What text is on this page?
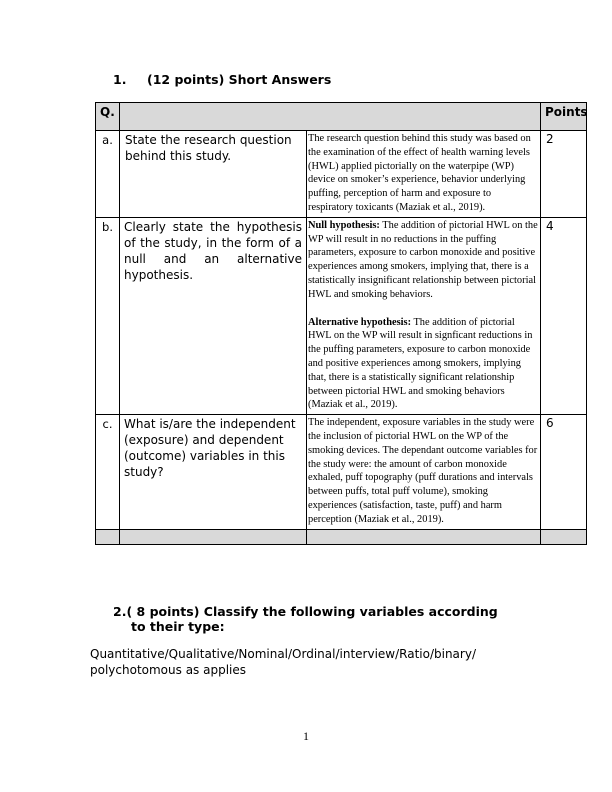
1. (12 points) Short Answers
Q.			Points
a.	State the research question behind this study.	The research question behind this study was based on the examination of the effect of health warning levels (HWL) applied pictorially on the waterpipe (WP) device on smoker’s experience, behavior underlying puffing, perception of harm and exposure to respiratory toxicants (Maziak et al., 2019).	2
b.	Clearly state the hypothesis of the study, in the form of a null and an alternative hypothesis.	Null hypothesis: The addition of pictorial HWL on the WP will result in no reductions in the puffing parameters, exposure to carbon monoxide and positive experiences among smokers, implying that, there is a statistically insignificant relationship between pictorial HWL and smoking behaviors.

Alternative hypothesis: The addition of pictorial HWL on the WP will result in signficant reductions in the puffing parameters, exposure to carbon monoxide and positive experiences among smokers, implying that, there is a statistically significant relationship between pictorial HWL and smoking behaviors (Maziak et al., 2019).	4
c.	What is/are the independent (exposure) and dependent (outcome) variables in this study?	The independent, exposure variables in the study were the inclusion of pictorial HWL on the WP of the smoking devices. The dependant outcome variables for the study were: the amount of carbon monoxide exhaled, puff topography (puff durations and intervals between puffs, total puff volume), smoking experiences (satisfaction, taste, puff) and harm perception (Maziak et al., 2019).	6

2.( 8 points) Classify the following variables according
to their type:
Quantitative/Qualitative/Nominal/Ordinal/interview/Ratio/binary/ polychotomous as applies
1
